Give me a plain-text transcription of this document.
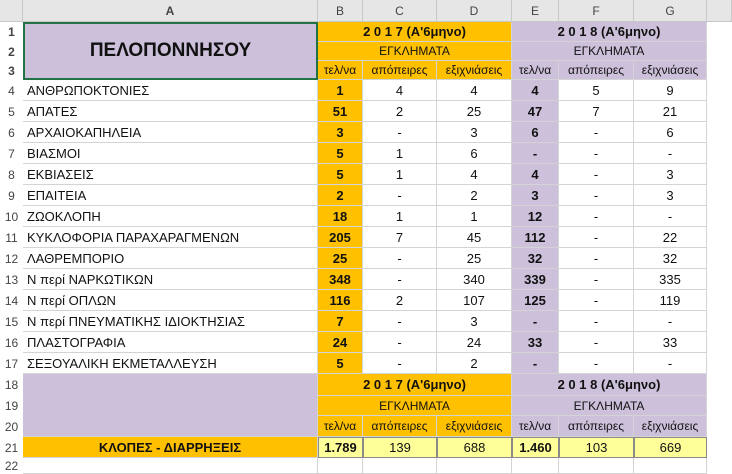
A	B	C	D	E	F	G
1
2
3
4
5
6
7
8
9
10
11
12
13
14
15
16
17
18
19
20
21
22
ΠΕΛΟΠΟΝΝΗΣΟΥ
2 0 1 7 (Α'6μηνο)	2 0 1 8 (Α'6μηνο)
ΕΓΚΛΗΜΑΤΑ	ΕΓΚΛΗΜΑΤΑ
τελ/να	απόπειρες	εξιχνιάσεις	τελ/να	απόπειρες	εξιχνιάσεις
ΑΝΘΡΩΠΟΚΤΟΝΙΕΣ	1	4	4	4	5	9
ΑΠΑΤΕΣ	51	2	25	47	7	21
ΑΡΧΑΙΟΚΑΠΗΛΕΙΑ	3	-	3	6	-	6
ΒΙΑΣΜΟΙ	5	1	6	-	-	-
ΕΚΒΙΑΣΕΙΣ	5	1	4	4	-	3
ΕΠΑΙΤΕΙΑ	2	-	2	3	-	3
ΖΩΟΚΛΟΠΗ	18	1	1	12	-	-
ΚΥΚΛΟΦΟΡΙΑ ΠΑΡΑΧΑΡΑΓΜΕΝΩΝ	205	7	45	112	-	22
ΛΑΘΡΕΜΠΟΡΙΟ	25	-	25	32	-	32
Ν περί ΝΑΡΚΩΤΙΚΩΝ	348	-	340	339	-	335
Ν περί ΟΠΛΩΝ	116	2	107	125	-	119
Ν περί ΠΝΕΥΜΑΤΙΚΗΣ ΙΔΙΟΚΤΗΣΙΑΣ	7	-	3	-	-	-
ΠΛΑΣΤΟΓΡΑΦΙΑ	24	-	24	33	-	33
ΣΕΞΟΥΑΛΙΚΗ ΕΚΜΕΤΑΛΛΕΥΣΗ	5	-	2	-	-	-
2 0 1 7 (Α'6μηνο)	2 0 1 8 (Α'6μηνο)
ΕΓΚΛΗΜΑΤΑ	ΕΓΚΛΗΜΑΤΑ
τελ/να	απόπειρες	εξιχνιάσεις	τελ/να	απόπειρες	εξιχνιάσεις
ΚΛΟΠΕΣ - ΔΙΑΡΡΗΞΕΙΣ	1.789	139	688	1.460	103	669
